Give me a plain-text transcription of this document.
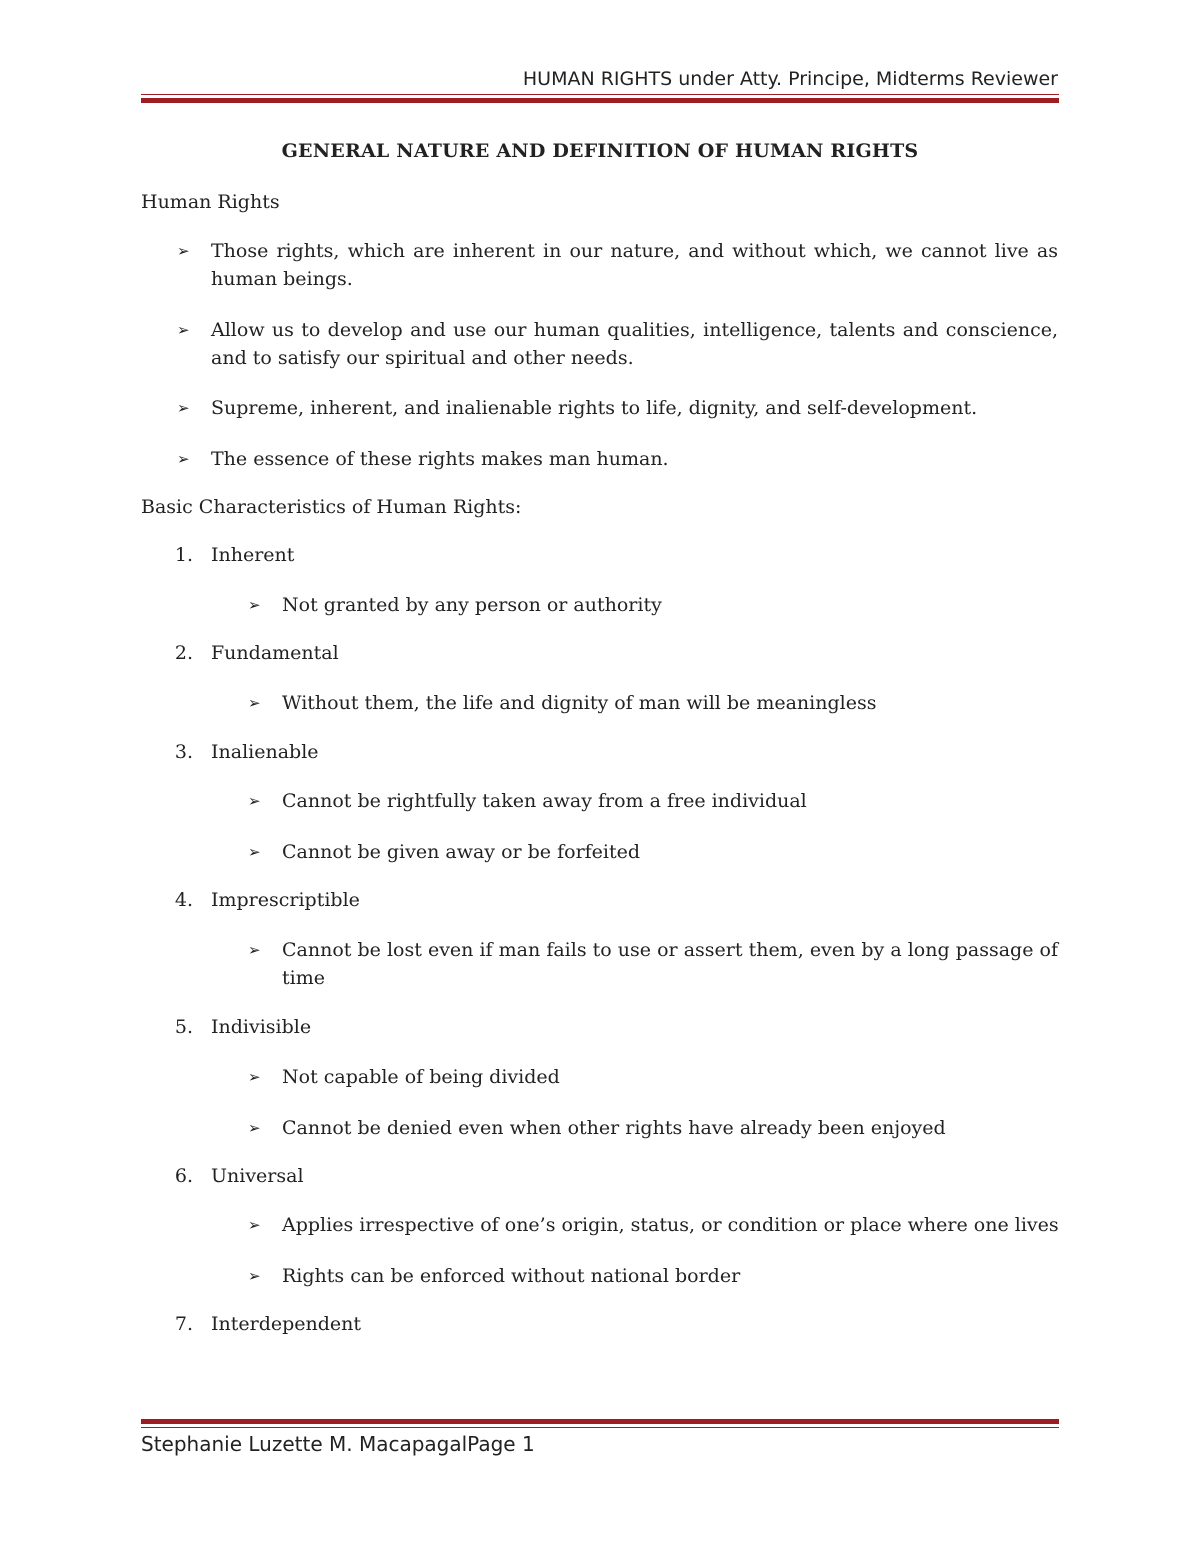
HUMAN RIGHTS under Atty. Principe, Midterms Reviewer
GENERAL NATURE AND DEFINITION OF HUMAN RIGHTS
Human Rights
➢ Those rights, which are inherent in our nature, and without which, we cannot live as human beings.
➢ Allow us to develop and use our human qualities, intelligence, talents and conscience, and to satisfy our spiritual and other needs.
➢ Supreme, inherent, and inalienable rights to life, dignity, and self-development.
➢ The essence of these rights makes man human.
Basic Characteristics of Human Rights:
1. Inherent
➢ Not granted by any person or authority
2. Fundamental
➢ Without them, the life and dignity of man will be meaningless
3. Inalienable
➢ Cannot be rightfully taken away from a free individual
➢ Cannot be given away or be forfeited
4. Imprescriptible
➢ Cannot be lost even if man fails to use or assert them, even by a long passage of time
5. Indivisible
➢ Not capable of being divided
➢ Cannot be denied even when other rights have already been enjoyed
6. Universal
➢ Applies irrespective of one’s origin, status, or condition or place where one lives
➢ Rights can be enforced without national border
7. Interdependent
Stephanie Luzette M. MacapagalPage 1
